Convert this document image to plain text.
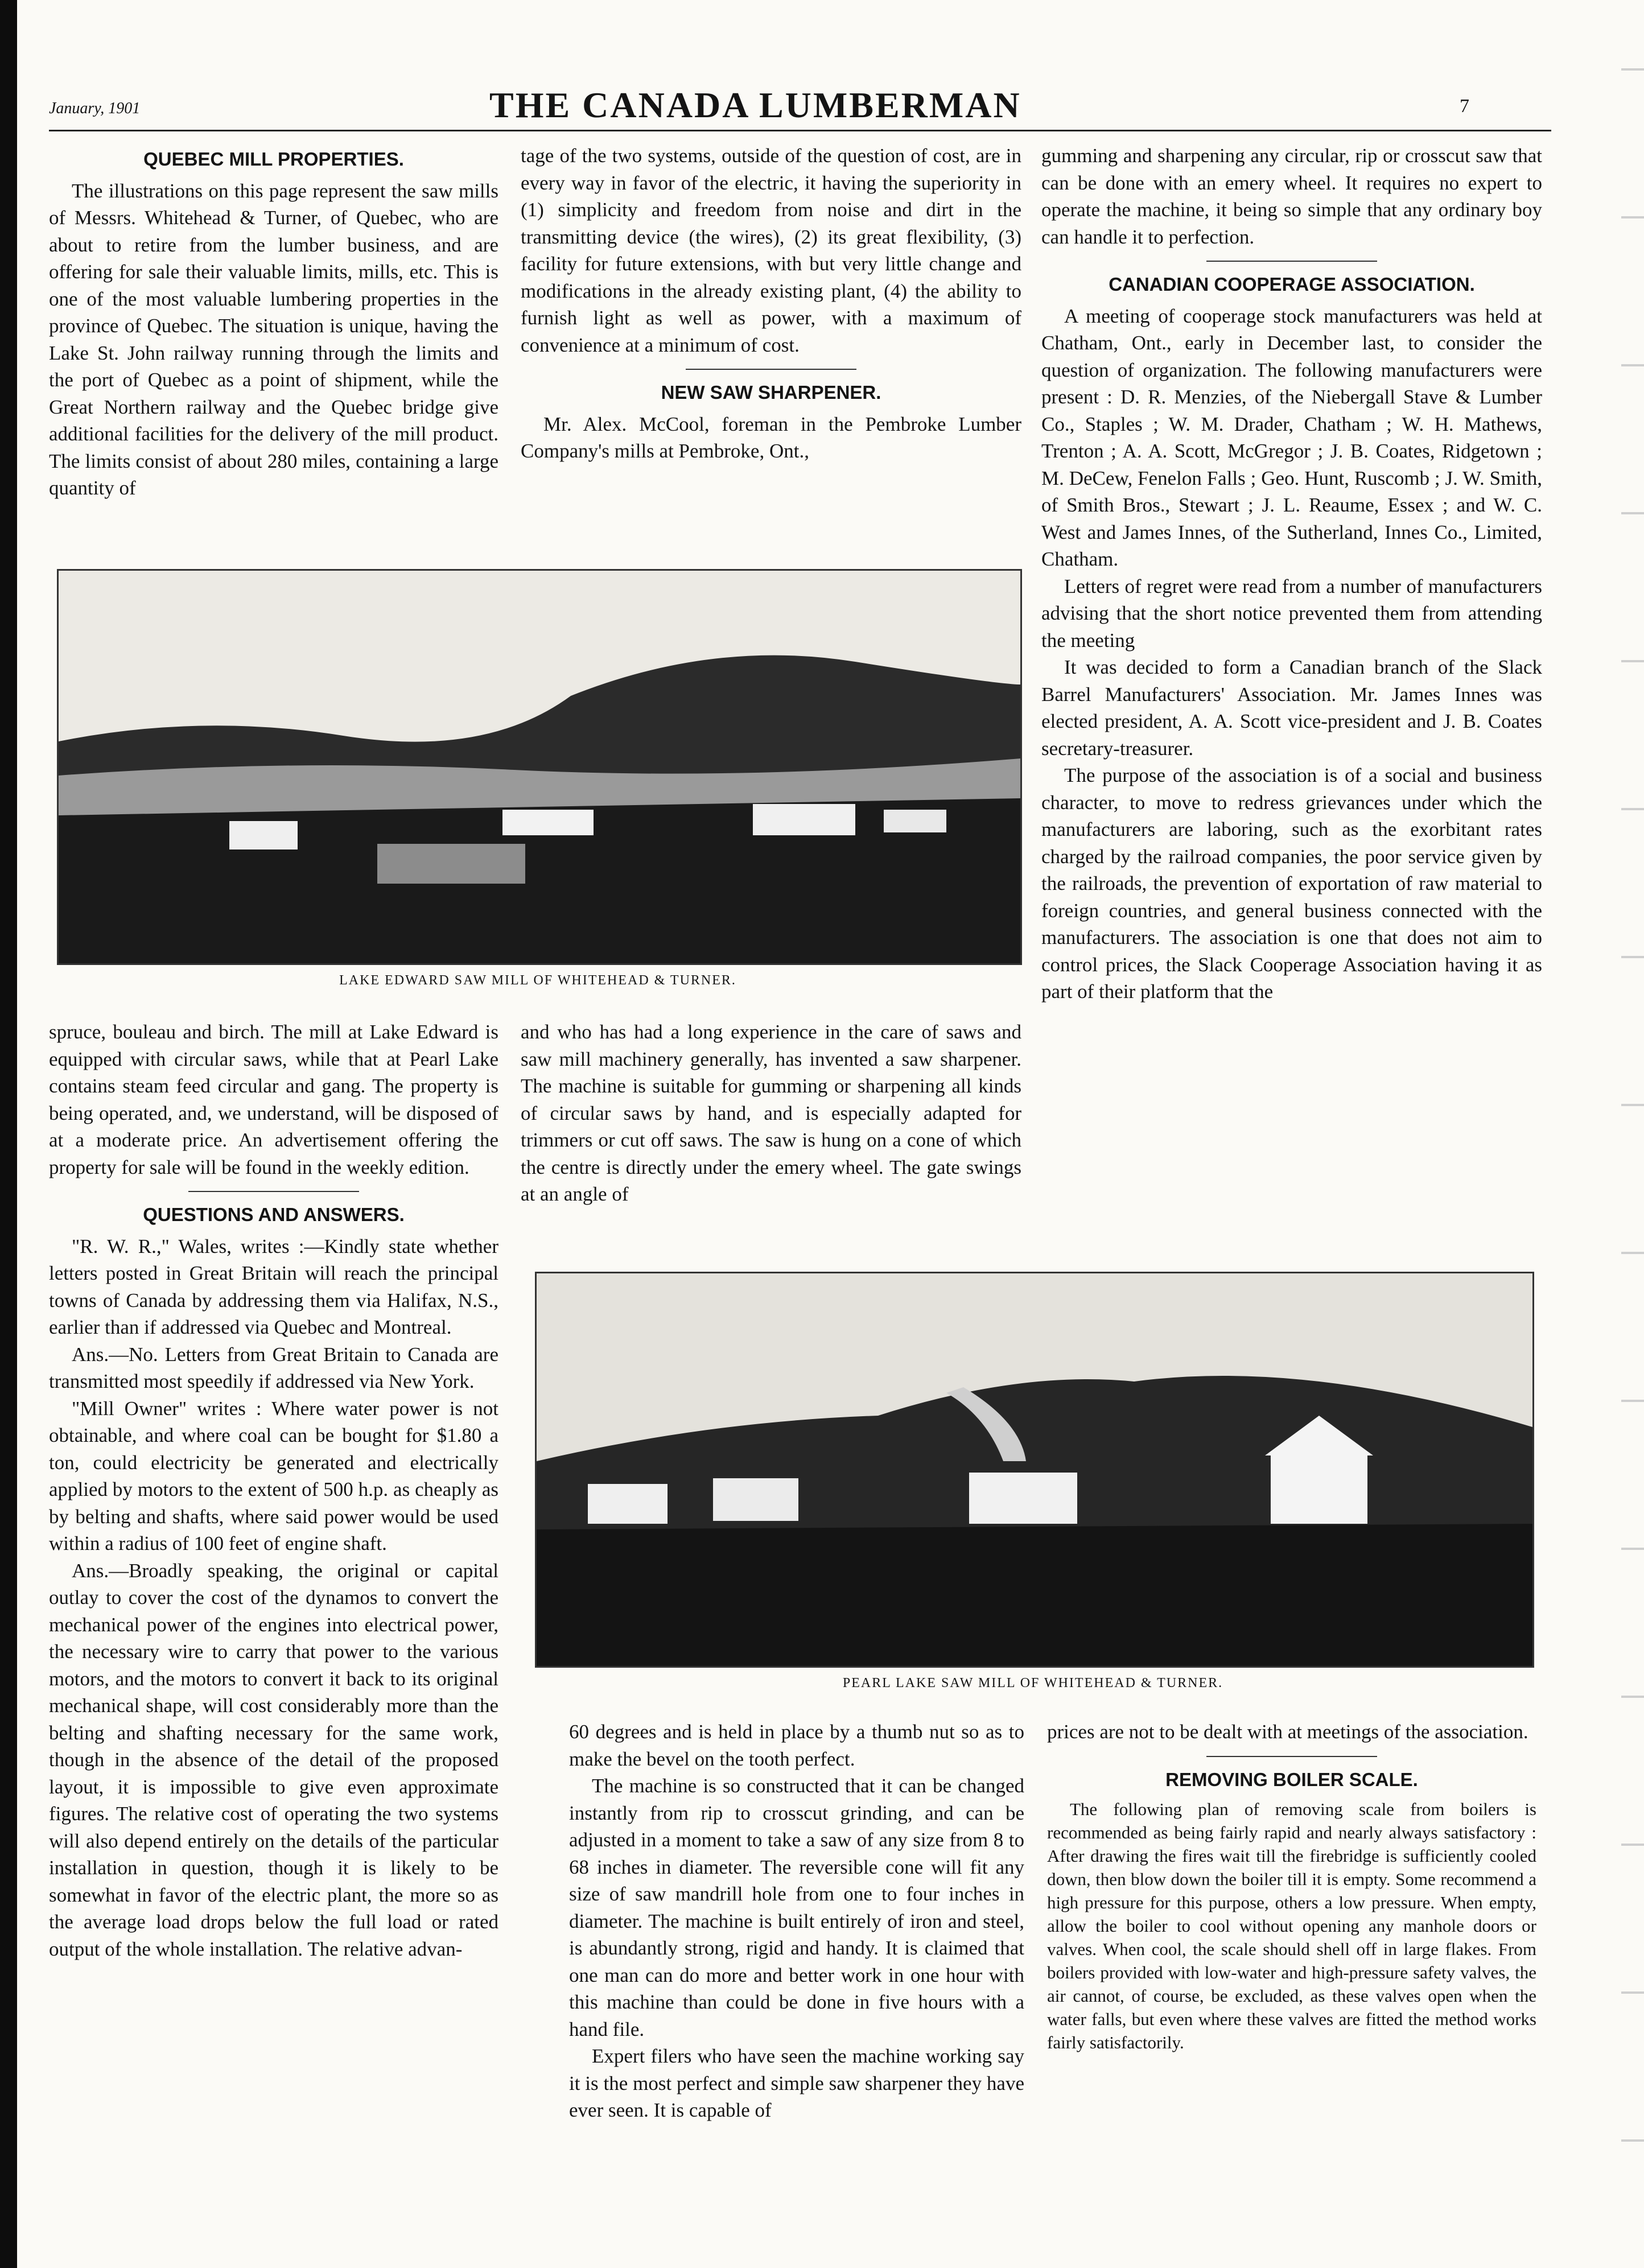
January, 1901	THE CANADA LUMBERMAN	7
QUEBEC MILL PROPERTIES.

The illustrations on this page represent the saw mills of Messrs. Whitehead & Turner, of Quebec, who are about to retire from the lumber business, and are offering for sale their valuable limits, mills, etc. This is one of the most valuable lumbering properties in the province of Quebec. The situation is unique, having the Lake St. John railway running through the limits and the port of Quebec as a point of shipment, while the Great Northern railway and the Quebec bridge give additional facilities for the delivery of the mill product. The limits consist of about 280 miles, containing a large quantity of

tage of the two systems, outside of the question of cost, are in every way in favor of the electric, it having the superiority in (1) simplicity and freedom from noise and dirt in the transmitting device (the wires), (2) its great flexibility, (3) facility for future extensions, with but very little change and modifications in the already existing plant, (4) the ability to furnish light as well as power, with a maximum of convenience at a minimum of cost.

NEW SAW SHARPENER.

Mr. Alex. McCool, foreman in the Pembroke Lumber Company's mills at Pembroke, Ont.,

gumming and sharpening any circular, rip or crosscut saw that can be done with an emery wheel. It requires no expert to operate the machine, it being so simple that any ordinary boy can handle it to perfection.

CANADIAN COOPERAGE ASSOCIATION.

A meeting of cooperage stock manufacturers was held at Chatham, Ont., early in December last, to consider the question of organization. The following manufacturers were present : D. R. Menzies, of the Niebergall Stave & Lumber Co., Staples ; W. M. Drader, Chatham ; W. H. Mathews, Trenton ; A. A. Scott, McGregor ; J. B. Coates, Ridgetown ; M. DeCew, Fenelon Falls ; Geo. Hunt, Ruscomb ; J. W. Smith, of Smith Bros., Stewart ; J. L. Reaume, Essex ; and W. C. West and James Innes, of the Sutherland, Innes Co., Limited, Chatham.

Letters of regret were read from a number of manufacturers advising that the short notice prevented them from attending the meeting

It was decided to form a Canadian branch of the Slack Barrel Manufacturers' Association. Mr. James Innes was elected president, A. A. Scott vice-president and J. B. Coates secretary-treasurer.

The purpose of the association is of a social and business character, to move to redress grievances under which the manufacturers are laboring, such as the exorbitant rates charged by the railroad companies, the poor service given by the railroads, the prevention of exportation of raw material to foreign countries, and general business connected with the manufacturers. The association is one that does not aim to control prices, the Slack Cooperage Association having it as part of their platform that the

LAKE EDWARD SAW MILL OF WHITEHEAD & TURNER.

spruce, bouleau and birch. The mill at Lake Edward is equipped with circular saws, while that at Pearl Lake contains steam feed circular and gang. The property is being operated, and, we understand, will be disposed of at a moderate price. An advertisement offering the property for sale will be found in the weekly edition.

QUESTIONS AND ANSWERS.

"R. W. R.," Wales, writes :—Kindly state whether letters posted in Great Britain will reach the principal towns of Canada by addressing them via Halifax, N.S., earlier than if addressed via Quebec and Montreal.

Ans.—No. Letters from Great Britain to Canada are transmitted most speedily if addressed via New York.

"Mill Owner" writes : Where water power is not obtainable, and where coal can be bought for $1.80 a ton, could electricity be generated and electrically applied by motors to the extent of 500 h.p. as cheaply as by belting and shafts, where said power would be used within a radius of 100 feet of engine shaft.

Ans.—Broadly speaking, the original or capital outlay to cover the cost of the dynamos to convert the mechanical power of the engines into electrical power, the necessary wire to carry that power to the various motors, and the motors to convert it back to its original mechanical shape, will cost considerably more than the belting and shafting necessary for the same work, though in the absence of the detail of the proposed layout, it is impossible to give even approximate figures. The relative cost of operating the two systems will also depend entirely on the details of the particular installation in question, though it is likely to be somewhat in favor of the electric plant, the more so as the average load drops below the full load or rated output of the whole installation. The relative advan-

and who has had a long experience in the care of saws and saw mill machinery generally, has invented a saw sharpener. The machine is suitable for gumming or sharpening all kinds of circular saws by hand, and is especially adapted for trimmers or cut off saws. The saw is hung on a cone of which the centre is directly under the emery wheel. The gate swings at an angle of

PEARL LAKE SAW MILL OF WHITEHEAD & TURNER.

60 degrees and is held in place by a thumb nut so as to make the bevel on the tooth perfect.

The machine is so constructed that it can be changed instantly from rip to crosscut grinding, and can be adjusted in a moment to take a saw of any size from 8 to 68 inches in diameter. The reversible cone will fit any size of saw mandrill hole from one to four inches in diameter. The machine is built entirely of iron and steel, is abundantly strong, rigid and handy. It is claimed that one man can do more and better work in one hour with this machine than could be done in five hours with a hand file.

Expert filers who have seen the machine working say it is the most perfect and simple saw sharpener they have ever seen. It is capable of

prices are not to be dealt with at meetings of the association.

REMOVING BOILER SCALE.

The following plan of removing scale from boilers is recommended as being fairly rapid and nearly always satisfactory : After drawing the fires wait till the firebridge is sufficiently cooled down, then blow down the boiler till it is empty. Some recommend a high pressure for this purpose, others a low pressure. When empty, allow the boiler to cool without opening any manhole doors or valves. When cool, the scale should shell off in large flakes. From boilers provided with low-water and high-pressure safety valves, the air cannot, of course, be excluded, as these valves open when the water falls, but even where these valves are fitted the method works fairly satisfactorily.
